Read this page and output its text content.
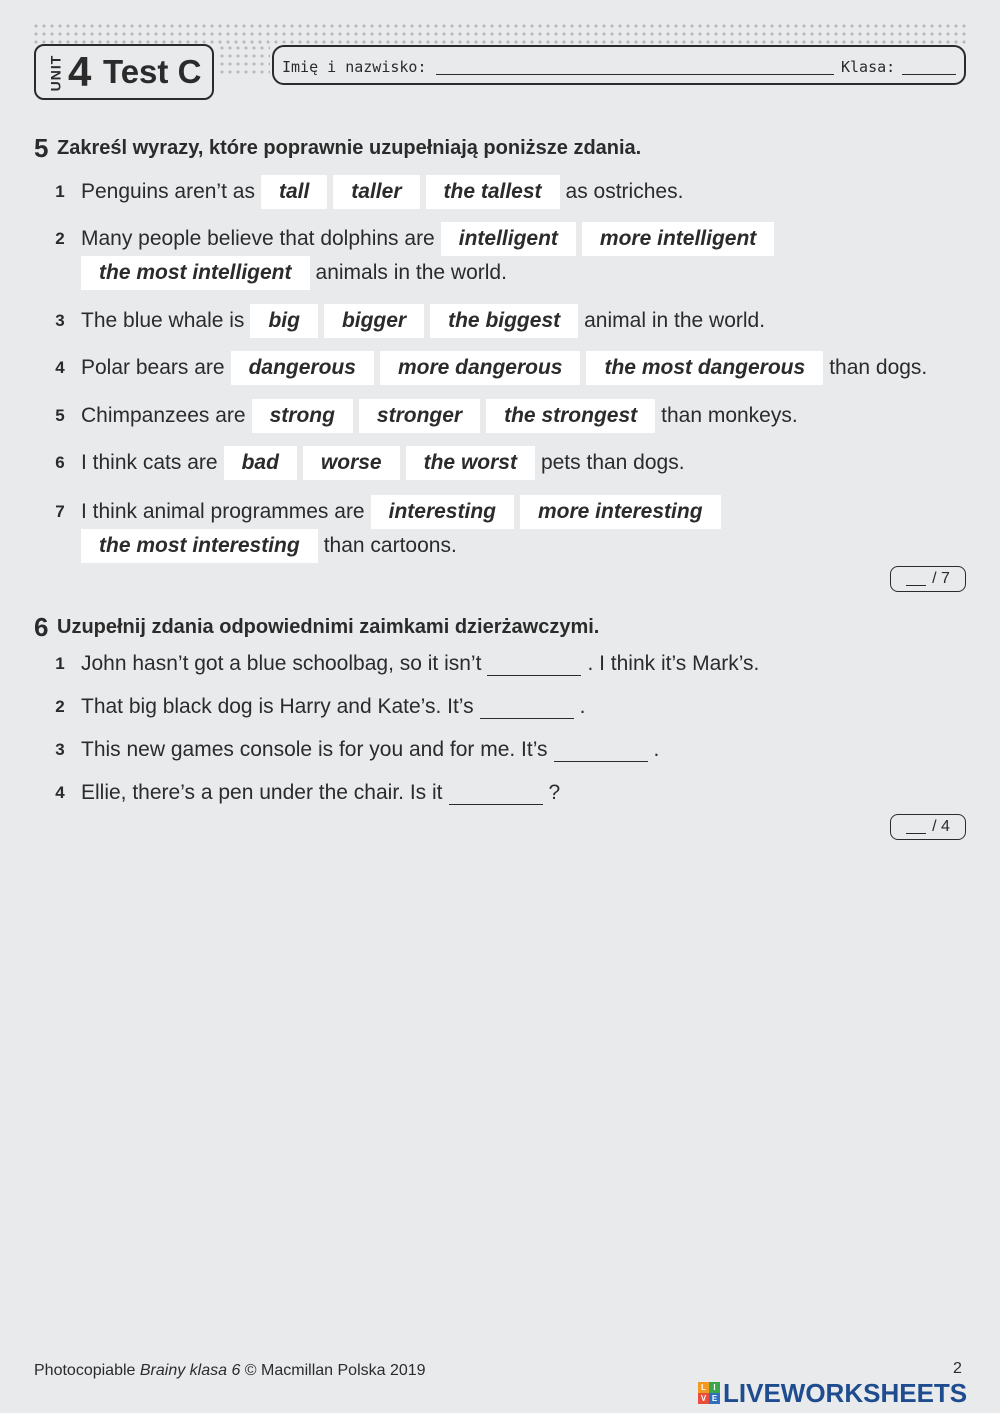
UNIT 4 Test C	Imię i nazwisko:	Klasa:
5 Zakreśl wyrazy, które poprawnie uzupełniają poniższe zdania.
1 Penguins aren’t as	tall	taller	the tallest	as ostriches.
2 Many people believe that dolphins are	intelligent	more intelligent
the most intelligent	animals in the world.
3 The blue whale is	big	bigger	the biggest	animal in the world.
4 Polar bears are	dangerous	more dangerous	the most dangerous	than dogs.
5 Chimpanzees are	strong	stronger	the strongest	than monkeys.
6 I think cats are	bad	worse	the worst	pets than dogs.
7 I think animal programmes are	interesting	more interesting
the most interesting	than cartoons.
/ 7
6 Uzupełnij zdania odpowiednimi zaimkami dzierżawczymi.
1 John hasn’t got a blue schoolbag, so it isn’t	. I think it’s Mark’s.
2 That big black dog is Harry and Kate’s. It’s	.
3 This new games console is for you and for me. It’s	.
4 Ellie, there’s a pen under the chair. Is it	?
/ 4
Photocopiable Brainy klasa 6 © Macmillan Polska 2019	2
L I
V E LIVEWORKSHEETS
